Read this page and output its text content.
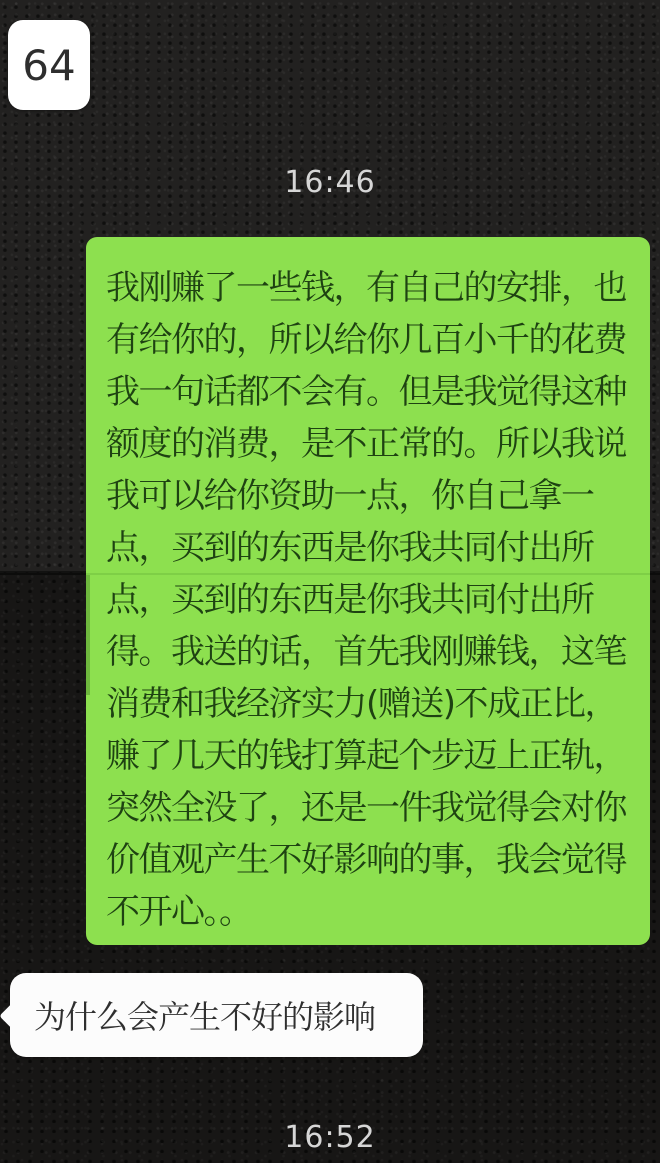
64
16:46
我刚赚了一些钱，有自己的安排，也
有给你的，所以给你几百小千的花费
我一句话都不会有。但是我觉得这种
额度的消费，是不正常的。所以我说
我可以给你资助一点，你自己拿一
点，买到的东西是你我共同付出所
点，买到的东西是你我共同付出所
得。我送的话，首先我刚赚钱，这笔
消费和我经济实力(赠送)不成正比，
赚了几天的钱打算起个步迈上正轨，
突然全没了，还是一件我觉得会对你
价值观产生不好影响的事，我会觉得
不开心。。
为什么会产生不好的影响
16:52
